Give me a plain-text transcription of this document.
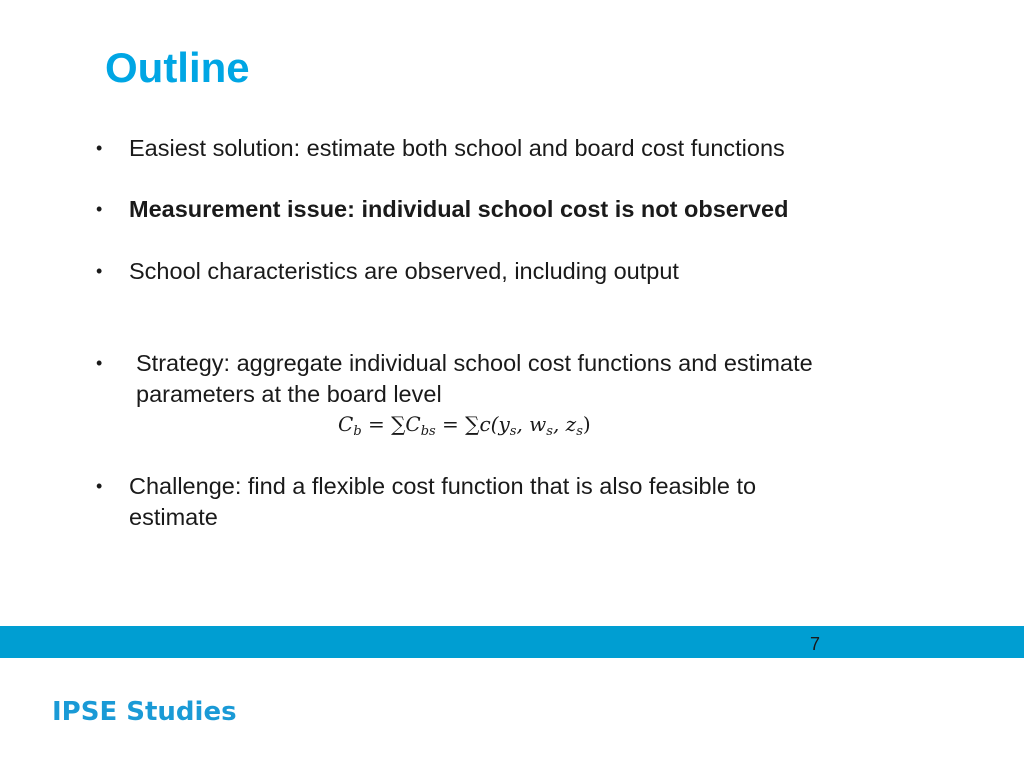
Outline
• Easiest solution: estimate both school and board cost functions
• Measurement issue: individual school cost is not observed
• School characteristics are observed, including output
• Strategy: aggregate individual school cost functions and estimate
parameters at the board level
$C_b = \sum C_{bs} = \sum c(y_s$, $w_s$, $z_s$)
• Challenge: find a flexible cost function that is also feasible to
estimate
7
IPSE Studies
